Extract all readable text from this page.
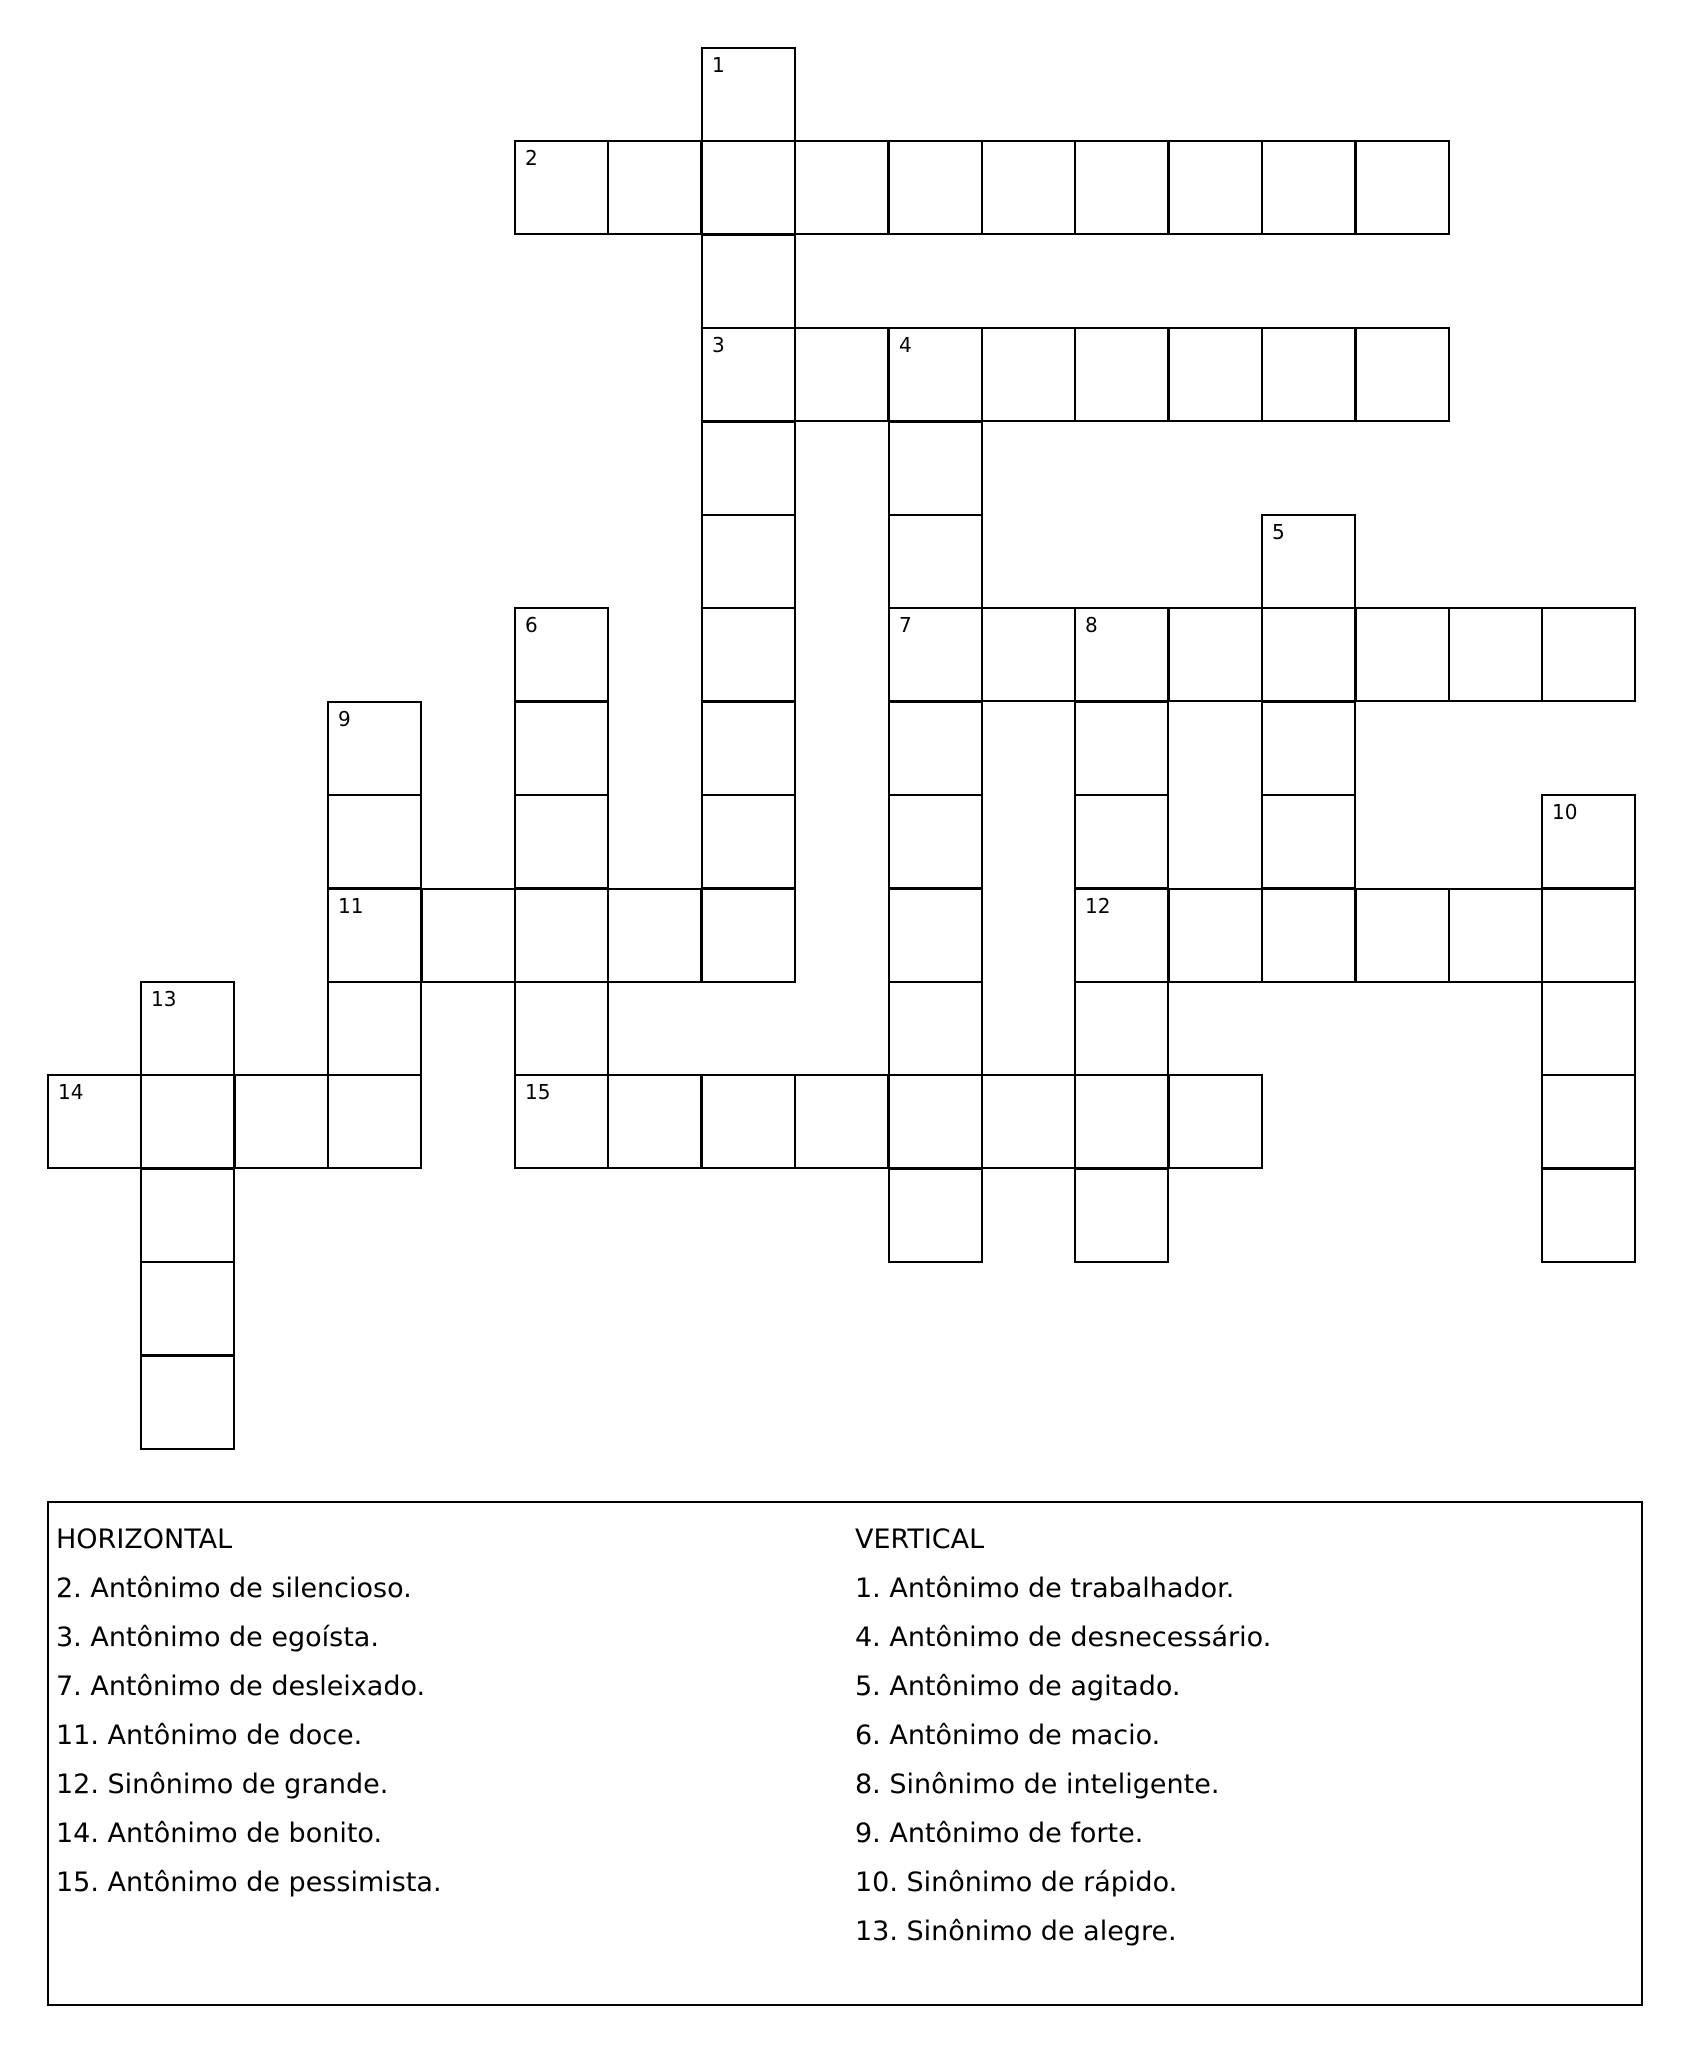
1
2
3	4
5
6	7	8
9
10
11	12
13
14	15
HORIZONTAL
2. Antônimo de silencioso.
3. Antônimo de egoísta.
7. Antônimo de desleixado.
11. Antônimo de doce.
12. Sinônimo de grande.
14. Antônimo de bonito.
15. Antônimo de pessimista.
VERTICAL
1. Antônimo de trabalhador.
4. Antônimo de desnecessário.
5. Antônimo de agitado.
6. Antônimo de macio.
8. Sinônimo de inteligente.
9. Antônimo de forte.
10. Sinônimo de rápido.
13. Sinônimo de alegre.
